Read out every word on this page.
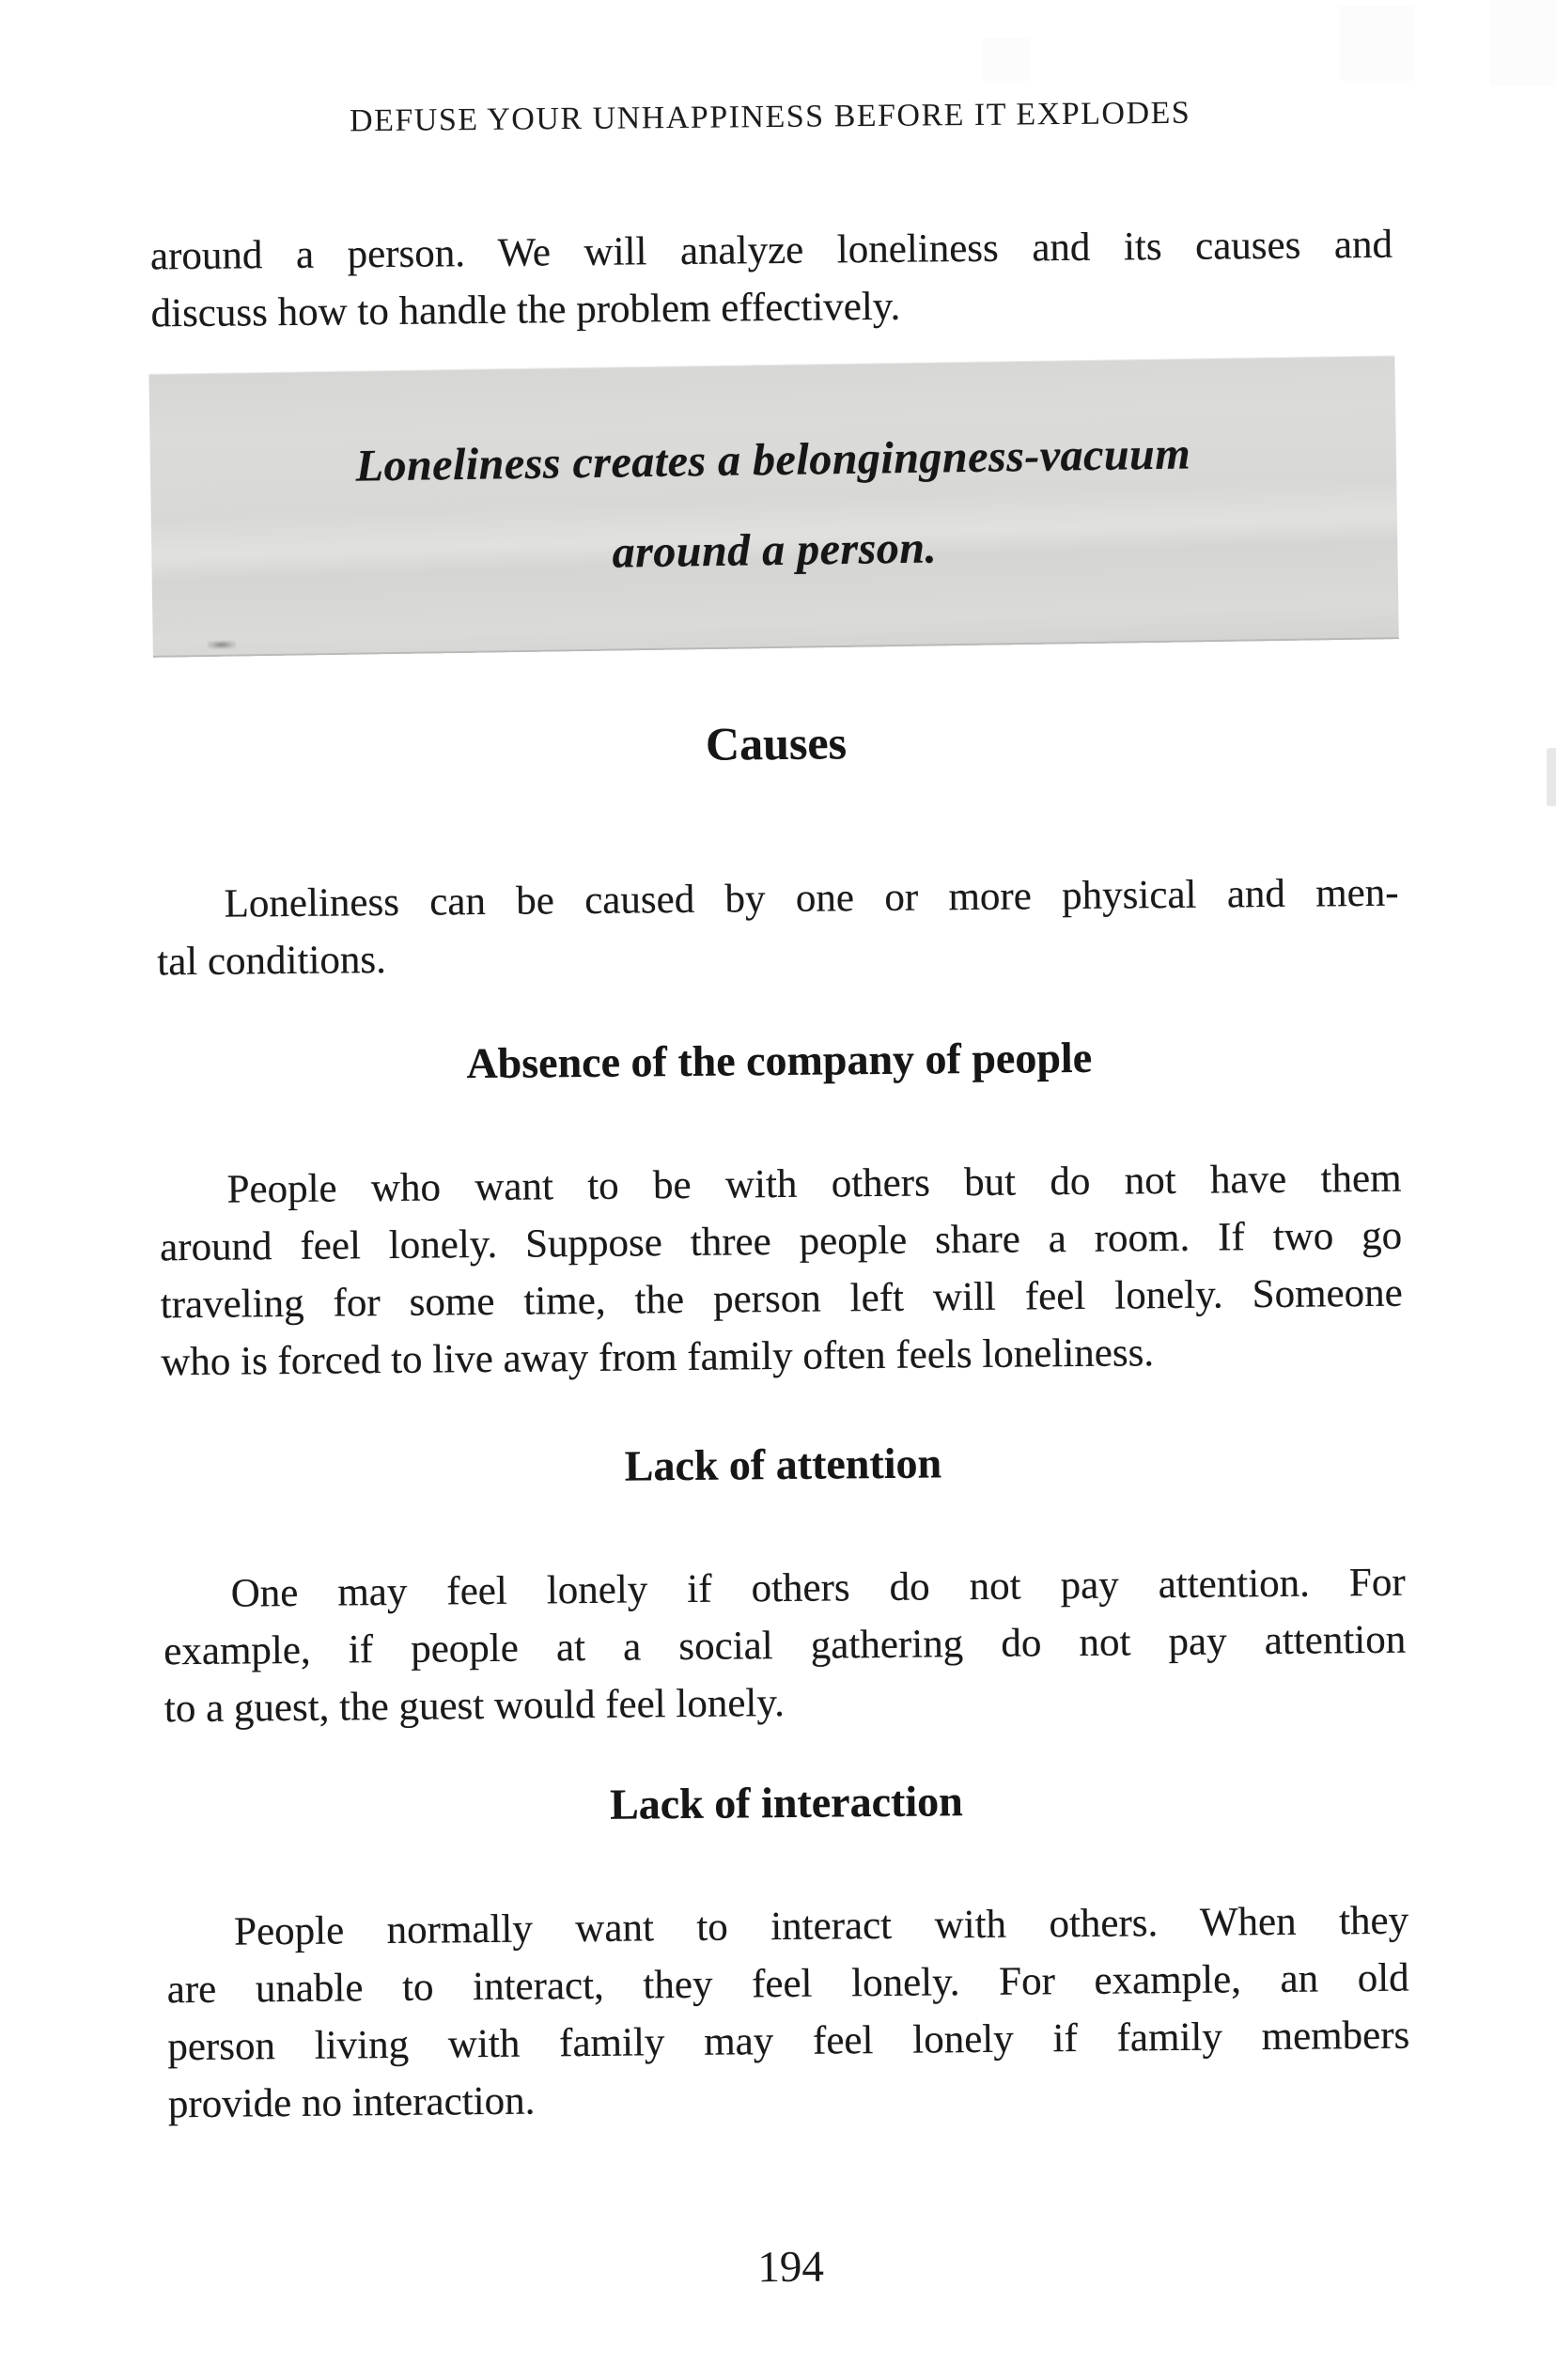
DEFUSE YOUR UNHAPPINESS BEFORE IT EXPLODES
around a person. We will analyze loneliness and its causes and
discuss how to handle the problem effectively.
Loneliness creates a belongingness-vacuum
around a person.
Causes
Loneliness can be caused by one or more physical and men-
tal conditions.
Absence of the company of people
People who want to be with others but do not have them
around feel lonely. Suppose three people share a room. If two go
traveling for some time, the person left will feel lonely. Someone
who is forced to live away from family often feels loneliness.
Lack of attention
One may feel lonely if others do not pay attention. For
example, if people at a social gathering do not pay attention
to a guest, the guest would feel lonely.
Lack of interaction
People normally want to interact with others. When they
are unable to interact, they feel lonely. For example, an old
person living with family may feel lonely if family members
provide no interaction.
194
